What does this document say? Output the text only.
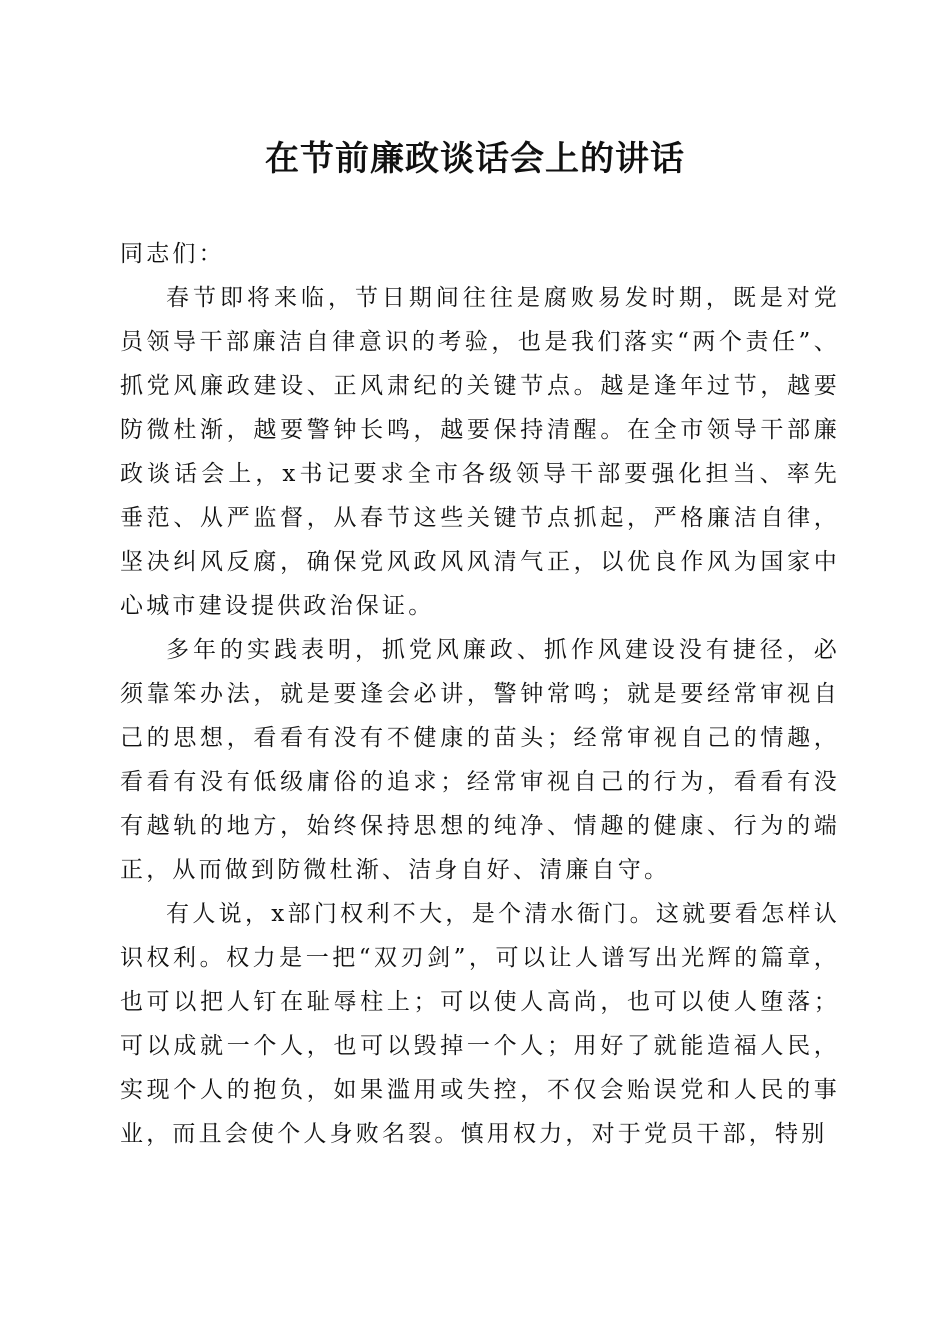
在节前廉政谈话会上的讲话

同志们：

春节即将来临，节日期间往往是腐败易发时期，既是对党员领导干部廉洁自律意识的考验，也是我们落实“两个责任”、抓党风廉政建设、正风肃纪的关键节点。越是逢年过节，越要防微杜渐，越要警钟长鸣，越要保持清醒。在全市领导干部廉政谈话会上，x书记要求全市各级领导干部要强化担当、率先垂范、从严监督，从春节这些关键节点抓起，严格廉洁自律，坚决纠风反腐，确保党风政风风清气正，以优良作风为国家中心城市建设提供政治保证。

多年的实践表明，抓党风廉政、抓作风建设没有捷径，必须靠笨办法，就是要逢会必讲，警钟常鸣；就是要经常审视自己的思想，看看有没有不健康的苗头；经常审视自己的情趣，看看有没有低级庸俗的追求；经常审视自己的行为，看看有没有越轨的地方，始终保持思想的纯净、情趣的健康、行为的端正，从而做到防微杜渐、洁身自好、清廉自守。

有人说，x部门权利不大，是个清水衙门。这就要看怎样认识权利。权力是一把“双刃剑”，可以让人谱写出光辉的篇章，也可以把人钉在耻辱柱上；可以使人高尚，也可以使人堕落；可以成就一个人，也可以毁掉一个人；用好了就能造福人民，实现个人的抱负，如果滥用或失控，不仅会贻误党和人民的事业，而且会使个人身败名裂。慎用权力，对于党员干部，特别
